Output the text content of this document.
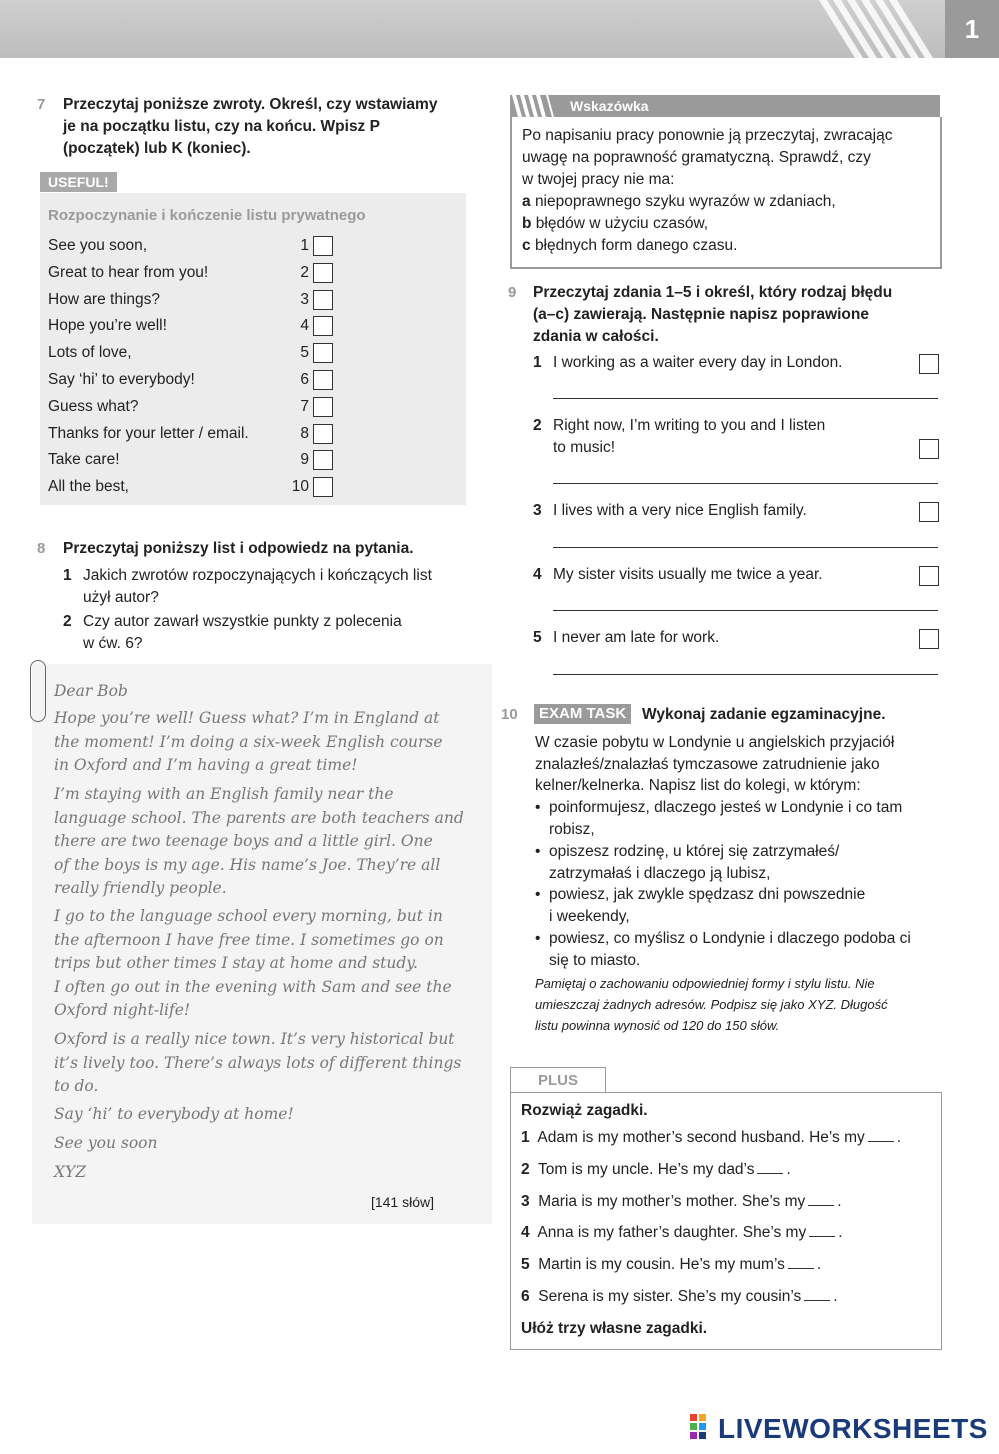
1
7 Przeczytaj poniższe zwroty. Określ, czy wstawiamy
je na początku listu, czy na końcu. Wpisz P
(początek) lub K (koniec).
USEFUL!
Rozpoczynanie i kończenie listu prywatnego
See you soon,	1
Great to hear from you!	2
How are things?	3
Hope you’re well!	4
Lots of love,	5
Say ‘hi’ to everybody!	6
Guess what?	7
Thanks for your letter / email.	8
Take care!	9
All the best,	10
8 Przeczytaj poniższy list i odpowiedz na pytania.
1 Jakich zwrotów rozpoczynających i kończących list
użył autor?
2 Czy autor zawarł wszystkie punkty z polecenia
w ćw. 6?
Dear Bob
Hope you’re well! Guess what? I’m in England at
the moment! I’m doing a six-week English course
in Oxford and I’m having a great time!
I’m staying with an English family near the
language school. The parents are both teachers and
there are two teenage boys and a little girl. One
of the boys is my age. His name’s Joe. They’re all
really friendly people.
I go to the language school every morning, but in
the afternoon I have free time. I sometimes go on
trips but other times I stay at home and study.
I often go out in the evening with Sam and see the
Oxford night-life!
Oxford is a really nice town. It’s very historical but
it’s lively too. There’s always lots of different things
to do.
Say ‘hi’ to everybody at home!
See you soon
XYZ
[141 słów]
Wskazówka
Po napisaniu pracy ponownie ją przeczytaj, zwracając
uwagę na poprawność gramatyczną. Sprawdź, czy
w twojej pracy nie ma:
a niepoprawnego szyku wyrazów w zdaniach,
b błędów w użyciu czasów,
c błędnych form danego czasu.
9 Przeczytaj zdania 1–5 i określ, który rodzaj błędu
(a–c) zawierają. Następnie napisz poprawione
zdania w całości.
1 I working as a waiter every day in London.
2 Right now, I’m writing to you and I listen
to music!
3 I lives with a very nice English family.
4 My sister visits usually me twice a year.
5 I never am late for work.
10	EXAM TASK	Wykonaj zadanie egzaminacyjne.
W czasie pobytu w Londynie u angielskich przyjaciół
znalazłeś/znalazłaś tymczasowe zatrudnienie jako
kelner/kelnerka. Napisz list do kolegi, w którym:
• poinformujesz, dlaczego jesteś w Londynie i co tam
robisz,
• opiszesz rodzinę, u której się zatrzymałeś/
zatrzymałaś i dlaczego ją lubisz,
• powiesz, jak zwykle spędzasz dni powszednie
i weekendy,
• powiesz, co myślisz o Londynie i dlaczego podoba ci
się to miasto.
Pamiętaj o zachowaniu odpowiedniej formy i stylu listu. Nie
umieszczaj żadnych adresów. Podpisz się jako XYZ. Długość
listu powinna wynosić od 120 do 150 słów.
PLUS
Rozwiąż zagadki.
1 Adam is my mother’s second husband. He’s my .
2 Tom is my uncle. He’s my dad’s .
3 Maria is my mother’s mother. She’s my .
4 Anna is my father’s daughter. She’s my .
5 Martin is my cousin. He’s my mum’s .
6 Serena is my sister. She’s my cousin’s .
Ułóż trzy własne zagadki.
LIVEWORKSHEETS
